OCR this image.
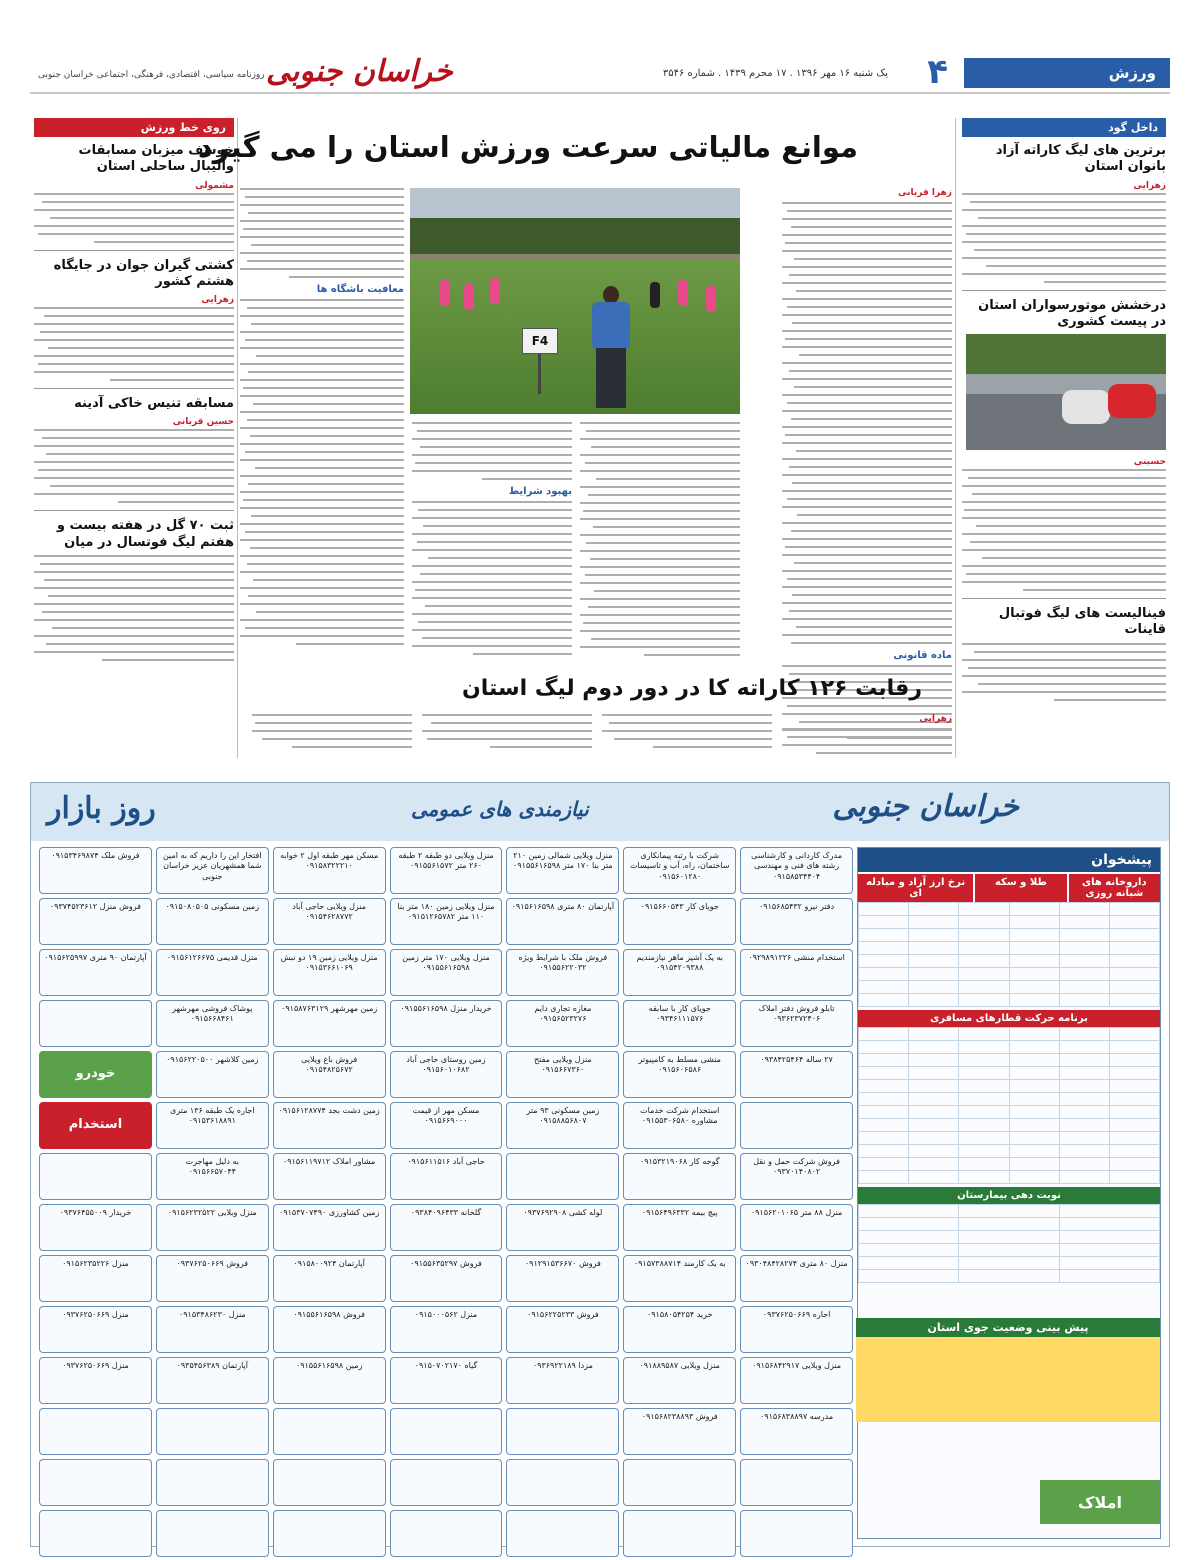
ورزش
۴
یک شنبه ۱۶ مهر ۱۳۹۶ . ۱۷ محرم ۱۴۳۹ . شماره ۳۵۴۶
خراسان جنوبی
روزنامه سیاسی، اقتصادی، فرهنگی، اجتماعی خراسان جنوبی
داخل گود
برترین های لیگ کاراته آزاد بانوان استان
زهرایی
درخشش موتورسواران استان در پیست کشوری
حسینی
فینالیست های لیگ فوتبال قاینات
روی خط ورزش
خوسف میزبان مسابقات والیبال ساحلی استان
مشمولی
کشتی گیران جوان در جایگاه هشتم کشور
زهرایی
مسابقه تنیس خاکی آدینه
حسین قربانی
ثبت ۷۰ گل در هفته بیست و هفتم لیگ فوتسال در میان
موانع مالیاتی سرعت ورزش استان را می گیرد
زهرا قربانی
ماده قانونی
F4
معافیت باشگاه ها
بهبود شرایط
رقابت ۱۲۶ کاراته کا در دور دوم لیگ استان
زهرایی
روز بازار	نیازمندی های عمومی	خراسان جنوبی
مدرک کاردانی و کارشناسی رشته های فنی و مهندسی ۰۹۱۵۸۵۳۴۴۰۴
شرکت با رتبه پیمانکاری ساختمان، راه، آب و تاسیسات ۰۹۱۵۶۰۱۲۸۰
منزل ویلایی شمالی زمین ۲۱۰ متر بنا ۱۷۰ متر ۰۹۱۵۵۶۱۶۵۹۸
منزل ویلایی دو طبقه ۲ طبقه ۲۶۰ متر ۰۹۱۵۵۶۱۵۷۲
مسکن مهر طبقه اول ۲ خوابه ۰۹۱۵۸۳۲۲۲۱۰
افتخار این را داریم که به امین شما همشهریان عزیز خراسان جنوبی
فروش ملک ۰۹۱۵۳۴۶۹۸۷۴
دفتر نیرو ۰۹۱۵۶۸۵۴۳۲
جویای کار ۰۹۱۵۶۶۰۵۴۳
آپارتمان ۸۰ متری ۰۹۱۵۶۱۶۵۹۸
منزل ویلایی زمین ۱۸۰ متر بنا ۱۱۰ متر ۰۹۱۵۱۲۶۵۷۸۲
منزل ویلایی حاجی آباد ۰۹۱۵۴۶۲۸۷۷۲
زمین مسکونی ۰۹۱۵۰۸۰۵۰۵
فروش منزل ۰۹۳۷۴۵۲۳۶۱۲
استخدام منشی ۰۹۲۹۸۹۱۲۲۶
به یک آشپز ماهر نیازمندیم ۰۹۱۵۴۲۰۹۳۸۸
فروش ملک با شرایط ویژه ۰۹۱۵۵۶۲۲۰۳۲
منزل ویلایی ۱۷۰ متر زمین ۰۹۱۵۵۶۱۶۵۹۸
منزل ویلایی زمین ۱۹ دو نبش ۰۹۱۵۳۶۶۱۰۶۹
منزل قدیمی ۰۹۱۵۶۱۲۶۶۷۵
آپارتمان ۹۰ متری ۰۹۱۵۶۲۵۹۹۷
تابلو فروش دفتر املاک ۰۹۳۶۲۳۷۲۴۰۶
جویای کار با سابقه ۰۹۳۴۶۱۱۱۵۷۶
مغازه تجاری دایم ۰۹۱۵۶۵۲۳۲۷۶
خریدار منزل ۰۹۱۵۵۶۱۶۵۹۸
زمین مهرشهر ۰۹۱۵۸۷۶۳۱۲۹
پوشاک فروشی مهرشهر ۰۹۱۵۶۶۸۴۶۱
۲۷ ساله ۰۹۳۸۴۲۵۴۶۴
منشی مسلط به کامپیوتر ۰۹۱۵۶۰۶۵۸۶
منزل ویلایی مفتح ۰۹۱۵۶۶۷۳۶۰
زمین روستای حاجی آباد ۰۹۱۵۶۰۱۰۶۸۲
فروش باغ ویلایی ۰۹۱۵۴۸۲۵۶۷۲
زمین کلاشهر ۰۹۱۵۶۲۲۰۵۰۰
خودرو
استخدام شرکت خدمات مشاوره ۰۹۱۵۵۳۰۶۵۸۰
زمین مسکونی ۹۳ متر ۰۹۱۵۸۸۵۶۸۰۷
مسکن مهر از قیمت ۰۹۱۵۶۶۹۰۰۰
زمین دشت بجد ۰۹۱۵۶۱۲۸۷۷۴
اجاره یک طبقه ۱۳۶ متری ۰۹۱۵۳۶۱۸۸۹۱
استخدام
فروش شرکت حمل و نقل ۰۹۳۷۰۱۴۰۸۰۲
گوجه کار ۰۹۱۵۳۲۱۹۰۶۸
حاجی آباد ۰۹۱۵۶۱۱۵۱۶
مشاور املاک ۰۹۱۵۶۱۱۹۷۱۲
به دلیل مهاجرت ۰۹۱۵۶۶۵۷۰۴۴
منزل ۸۸ متر ۰۹۱۵۶۲۰۱۰۶۵
پیچ بیمه ۰۹۱۵۶۴۹۶۳۳۲
لوله کشی ۰۹۳۷۶۹۲۹۰۸
گلخانه ۰۹۳۸۴۰۹۶۴۳۳
زمین کشاورزی ۰۹۱۵۳۷۰۷۴۹۰
منزل ویلایی ۰۹۱۵۶۲۳۲۵۲۲
خریدار ۰۹۳۷۶۴۵۵۰۰۹
منزل ۸۰ متری ۰۹۳۰۴۸۴۲۸۲۷۴
به یک کارمند ۰۹۱۵۷۳۸۸۷۱۴
فروش ۰۹۱۲۹۱۵۳۶۶۷۰
فروش ۰۹۱۵۵۶۳۵۲۹۷
آپارتمان ۰۹۱۵۸۰۰۹۲۴
فروش ۰۹۳۷۶۲۵۰۶۶۹
منزل ۰۹۱۵۶۲۳۵۲۲۶
اجاره ۰۹۳۷۶۲۵۰۶۶۹
خرید ۰۹۱۵۸۰۵۴۲۵۴
فروش ۰۹۱۵۶۲۲۵۲۳۳
منزل ۰۹۱۵۰۰۰۵۶۲
فروش ۰۹۱۵۵۶۱۶۵۹۸
منزل ۰۹۱۵۳۴۸۶۲۳۰
منزل ۰۹۳۷۶۲۵۰۶۶۹
منزل ویلایی ۰۹۱۵۶۸۴۲۹۱۷
منزل ویلایی ۰۹۱۸۸۹۵۸۷
مزدا ۰۹۳۶۹۲۲۱۸۹
گیاه ۰۹۱۵۰۷۰۲۱۷۰
زمین ۰۹۱۵۵۶۱۶۵۹۸
آپارتمان ۰۹۳۵۴۵۶۳۸۹
منزل ۰۹۳۷۶۲۵۰۶۶۹
مدرسه ۰۹۱۵۶۸۳۸۸۹۷
فروش ۰۹۱۵۶۸۲۳۸۸۹۳
پیشخوان
داروخانه های شبانه روزی
طلا و سکه
نرخ ارز آزاد و مبادله ای

برنامه حرکت قطارهای مسافری

نوبت دهی بیمارستان

پیش بینی وضعیت جوی استان
املاک
